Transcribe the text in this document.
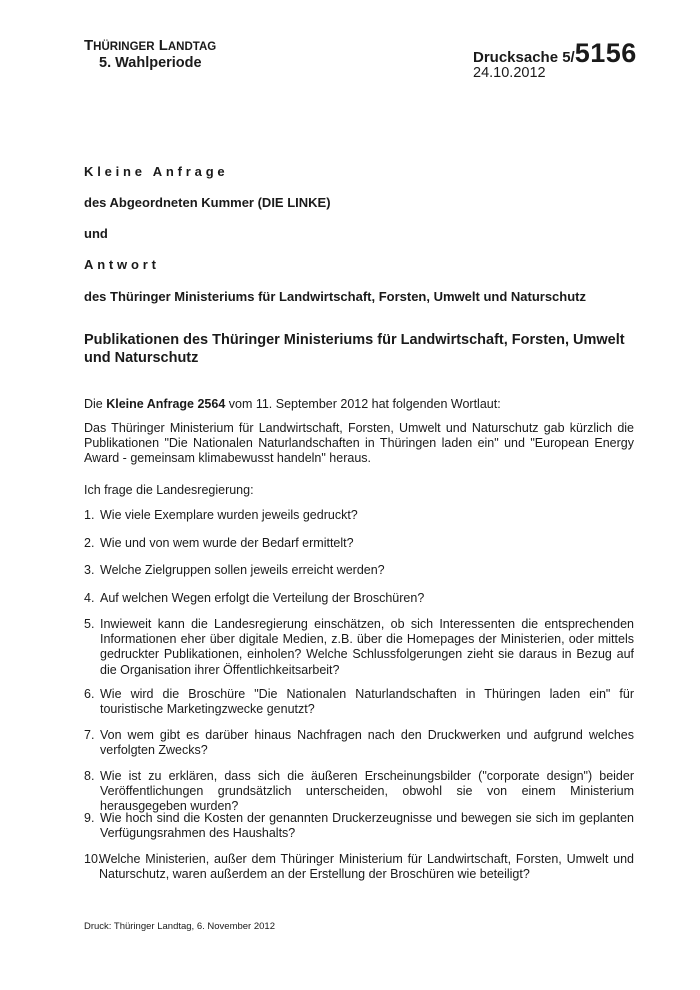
THÜRINGER LANDTAG
5. Wahlperiode	Drucksache 5/5156
24.10.2012
Kleine Anfrage
des Abgeordneten Kummer (DIE LINKE)
und
Antwort
des Thüringer Ministeriums für Landwirtschaft, Forsten, Umwelt und Naturschutz
Publikationen des Thüringer Ministeriums für Landwirtschaft, Forsten, Umwelt und Naturschutz
Die Kleine Anfrage 2564 vom 11. September 2012 hat folgenden Wortlaut:
Das Thüringer Ministerium für Landwirtschaft, Forsten, Umwelt und Naturschutz gab kürzlich die Publikationen "Die Nationalen Naturlandschaften in Thüringen laden ein" und "European Energy Award - gemeinsam klimabewusst handeln" heraus.
Ich frage die Landesregierung:
1. Wie viele Exemplare wurden jeweils gedruckt?
2. Wie und von wem wurde der Bedarf ermittelt?
3. Welche Zielgruppen sollen jeweils erreicht werden?
4. Auf welchen Wegen erfolgt die Verteilung der Broschüren?
5. Inwieweit kann die Landesregierung einschätzen, ob sich Interessenten die entsprechenden Informationen eher über digitale Medien, z.B. über die Homepages der Ministerien, oder mittels gedruckter Publikationen, einholen? Welche Schlussfolgerungen zieht sie daraus in Bezug auf die Organisation ihrer Öffentlichkeitsarbeit?
6. Wie wird die Broschüre "Die Nationalen Naturlandschaften in Thüringen laden ein" für touristische Marketingzwecke genutzt?
7. Von wem gibt es darüber hinaus Nachfragen nach den Druckwerken und aufgrund welches verfolgten Zwecks?
8. Wie ist zu erklären, dass sich die äußeren Erscheinungsbilder ("corporate design") beider Veröffentlichungen grundsätzlich unterscheiden, obwohl sie von einem Ministerium herausgegeben wurden?
9. Wie hoch sind die Kosten der genannten Druckerzeugnisse und bewegen sie sich im geplanten Verfügungsrahmen des Haushalts?
10.
Welche Ministerien, außer dem Thüringer Ministerium für Landwirtschaft, Forsten, Umwelt und Naturschutz, waren außerdem an der Erstellung der Broschüren wie beteiligt?
Druck: Thüringer Landtag, 6. November 2012
